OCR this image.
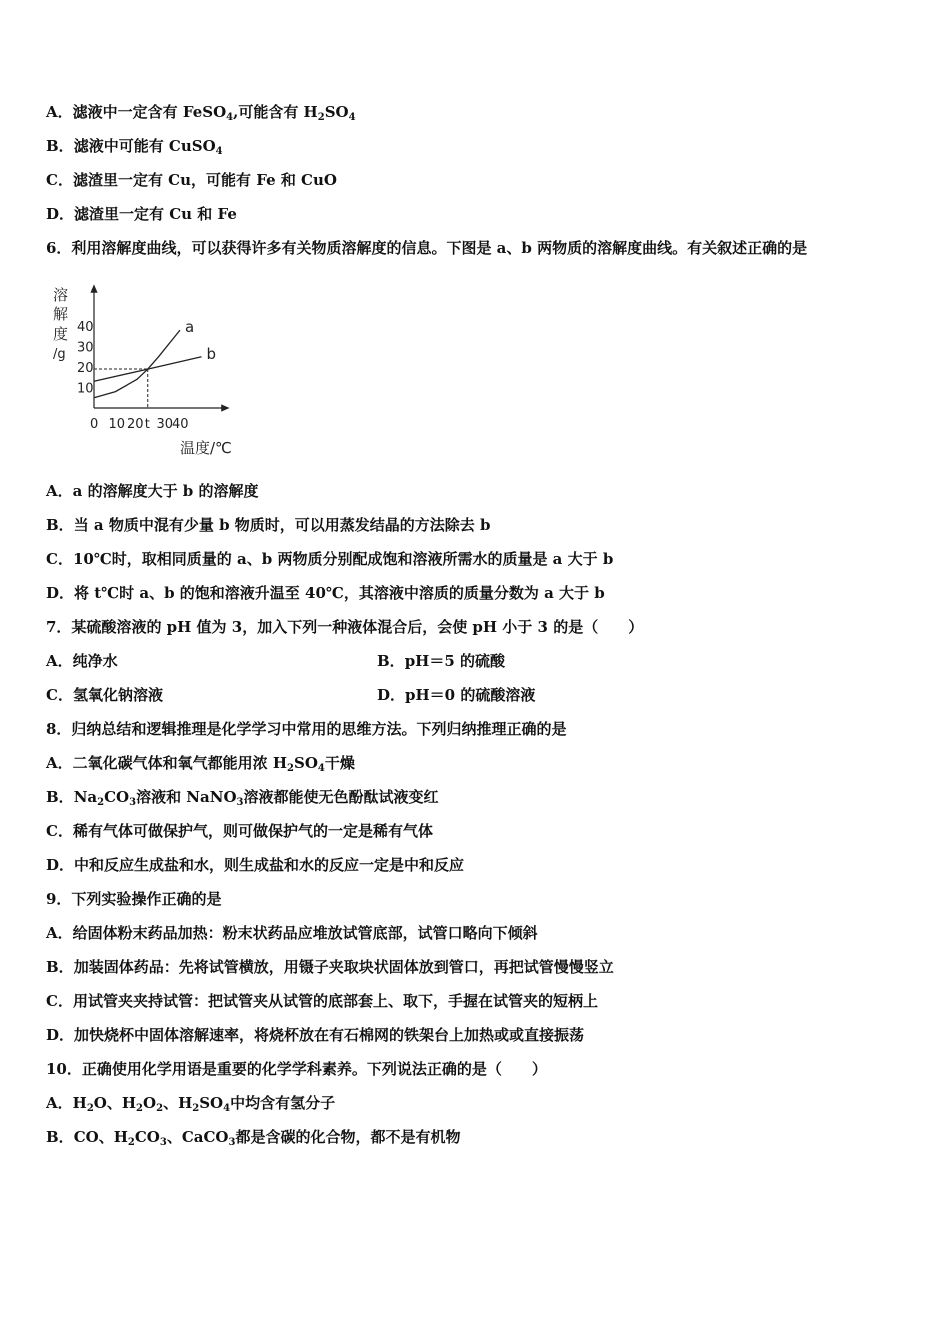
A．滤液中一定含有 FeSO$_4$,可能含有 $H_2SO_4$
B．滤液中可能有 CuSO$_4$
C．滤渣里一定有 Cu，可能有 Fe 和 CuO
D．滤渣里一定有 Cu 和 Fe
6．利用溶解度曲线，可以获得许多有关物质溶解度的信息。下图是 a、b 两物质的溶解度曲线。有关叙述正确的是
溶
解
度
/g
40
30
20
10
0 10 20 t 30
40
a
b
温度/℃
A．a 的溶解度大于 b 的溶解度
B．当 a 物质中混有少量 b 物质时，可以用蒸发结晶的方法除去 b
C．10℃时，取相同质量的 a、b 两物质分别配成饱和溶液所需水的质量是 a 大于 b
D．将 t℃时 a、b 的饱和溶液升温至 40℃，其溶液中溶质的质量分数为 a 大于 b
7．某硫酸溶液的 pH 值为 3，加入下列一种液体混合后，会使 pH 小于 3 的是（　　）
A．纯净水	B．pH＝5 的硫酸
C．氢氧化钠溶液	D．pH＝0 的硫酸溶液
8．归纳总结和逻辑推理是化学学习中常用的思维方法。下列归纳推理正确的是
A．二氧化碳气体和氧气都能用浓 $H_2SO_4$干燥
B．$Na_2CO_3$溶液和 NaNO$_3$溶液都能使无色酚酞试液变红
C．稀有气体可做保护气，则可做保护气的一定是稀有气体
D．中和反应生成盐和水，则生成盐和水的反应一定是中和反应
9．下列实验操作正确的是
A．给固体粉末药品加热：粉末状药品应堆放试管底部，试管口略向下倾斜
B．加装固体药品：先将试管横放，用镊子夹取块状固体放到管口，再把试管慢慢竖立
C．用试管夹夹持试管：把试管夹从试管的底部套上、取下，手握在试管夹的短柄上
D．加快烧杯中固体溶解速率，将烧杯放在有石棉网的铁架台上加热或或直接振荡
10．正确使用化学用语是重要的化学学科素养。下列说法正确的是（　　）
A．$H_2O$、$H_2O_2$、$H_2SO_4$中均含有氢分子
B．CO、$H_2CO_3$、CaCO$_3$都是含碳的化合物，都不是有机物
